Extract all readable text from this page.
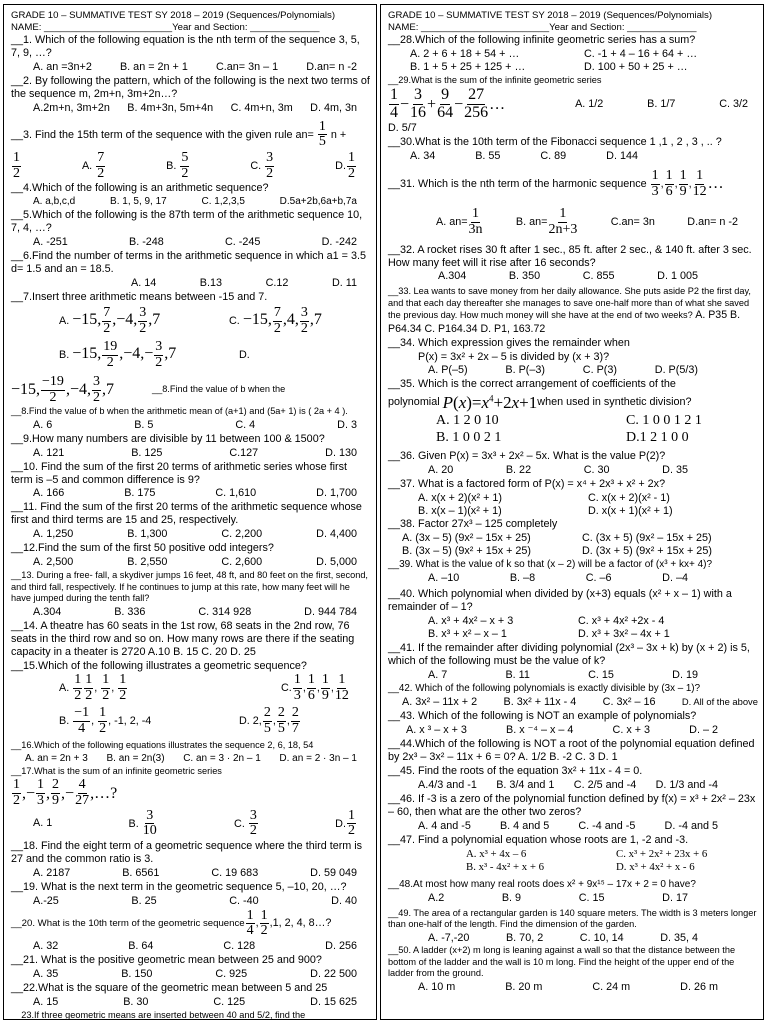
GRADE 10 – SUMMATIVE TEST SY 2018 – 2019 (Sequences/Polynomials)
NAME: ________________________Year and Section: _____________
__1. Which of the following equation is the nth term of the sequence 3, 5, 7, 9, …?
A. an =3n+2	B. an = 2n + 1	C.an= 3n – 1	D.an= n -2
__2. By following the pattern, which of the following is the next two terms of the sequence m, 2m+n, 3m+2n…?
A.2m+n, 3m+2n B. 4m+3n, 5m+4n C. 4m+n, 3m D. 4m, 3n
__3. Find the 15th term of the sequence with the given rule $an= \frac{1}{5}$ n +
$\frac{1}{2}$	A. $\frac{7}{2}$	B. $\frac{5}{2}$	C. $\frac{3}{2}$	D. $\frac{1}{2}$
__4.Which of the following is an arithmetic sequence?
A. a,b,c,d	B. 1, 5, 9, 17	C. 1,2,3,5	D.5a+2b,6a+b,7a
__5.Which of the following is the 87th term of the arithmetic sequence 10, 7, 4, …?
A. -251	B. -248	C. -245	D. -242
__6.Find the number of terms in the arithmetic sequence in which a1 = 3.5 d= 1.5 and an = 18.5.
A. 14	B.13	C.12	D. 11
__7.Insert three arithmetic means between -15 and 7.
A. −15, $\frac{7}{2} ,-4$, $\frac{3}{2} ,7$	C. −15, $\frac{7}{2} ,4$, $\frac{3}{2} ,7$
B. −15, $\frac{19}{2} ,-4,- \frac{3}{2} ,7$	D.
−15, $\frac{-19}{2} ,-4$, $\frac{3}{2} ,7$	__8.Find the value of b when the
__8.Find the value of b when the arithmetic mean of (a+1) and (5a+ 1) is ( 2a + 4 ).
A. 6	B. 5	C. 4	D. 3
__9.How many numbers are divisible by 11 between 100 & 1500?
A. 121	B. 125	C.127	D. 130
__10. Find the sum of the first 20 terms of arithmetic series whose first term is –5 and common difference is 9?
A. 166	B. 175	C. 1,610	D. 1,700
__11. Find the sum of the first 20 terms of the arithmetic sequence whose first and third terms are 15 and 25, respectively.
A. 1,250	B. 1,300	C. 2,200	D. 4,400
__12.Find the sum of the first 50 positive odd integers?
A. 2,500	B. 2,550	C. 2,600	D. 5,000
__13. During a free- fall, a skydiver jumps 16 feet, 48 ft, and 80 feet on the first, second, and third fall, respectively. If he continues to jump at this rate, how many feet will he have jumped during the tenth fall?
A.304	B. 336	C. 314 928	D. 944 784
__14. A theatre has 60 seats in the 1st row, 68 seats in the 2nd row, 76 seats in the third row and so on. How many rows are there if the seating capacity in a theater is 2720 A.10 B. 15 C. 20 D. 25
__15.Which of the following illustrates a geometric sequence?
A. $\frac{1}{2} \frac{1}{2}$ , $\frac{1}{2}$ , $\frac{1}{2}$	C. $\frac{1}{3}$ , $\frac{1}{6}$ , $\frac{1}{9}$ , $\frac{1}{12}$
B. $\frac{-1}{4}$ , $\frac{1}{2}$ , -1, 2, -4	D. 2, $\frac{2}{5}$ , $\frac{2}{5}$ , $\frac{2}{7}$
__16.Which of the following equations illustrates the sequence 2, 6, 18, 54
A. an = 2n + 3 B. an = 2n(3) C. an = 3 · 2n – 1 D. an = 2 · 3n – 1
__17.What is the sum of an infinite geometric series
$\frac{1}{2}$ ,− $\frac{1}{3}$ , $\frac{2}{9}$ ,− $\frac{4}{27}$ ,…?
A. 1	B. $\frac{3}{10}$	C. $\frac{3}{2}$	D. $\frac{1}{2}$
__18. Find the eight term of a geometric sequence where the third term is 27 and the common ratio is 3.
A. 2187	B. 6561	C. 19 683	D. 59 049
__19. What is the next term in the geometric sequence 5, –10, 20, …?
A.-25	B. 25	C. -40	D. 40
__20. What is the 10th term of the geometric sequence $\frac{1}{4}$ , $\frac{1}{2} ,1$ , 2, 4, 8…?
A. 32	B. 64	C. 128	D. 256
__21. What is the positive geometric mean between 25 and 900?
A. 35	B. 150	C. 925	D. 22 500
__22.What is the square of the geometric mean between 5 and 25
A. 15	B. 30	C. 125	D. 15 625
__23.If three geometric means are inserted between 40 and 5/2, find the
GRADE 10 – SUMMATIVE TEST SY 2018 – 2019 (Sequences/Polynomials)
NAME: ________________________Year and Section: _____________
__28.Which of the following infinite geometric series has a sum?
A. 2 + 6 + 18 + 54 + …	C. -1 + 4 – 16 + 64 + …
B. 1 + 5 + 25 + 125 + …	D. 100 + 50 + 25 + …
__29.What is the sum of the infinite geometric series
$\frac{1}{4} - \frac{3}{16} + \frac{9}{64} - \frac{27}{256}$ …	A. 1/2	B. 1/7	C. 3/2
D. 5/7
__30.What is the 10th term of the Fibonacci sequence 1 ,1 , 2 , 3 , .. ?
A. 34	B. 55	C. 89	D. 144
__31. Which is the nth term of the harmonic sequence
$\frac{1}{3}$ , $\frac{1}{6}$ , $\frac{1}{9}$ , $\frac{1}{12}$ …
A. $an= \frac{1}{3n}$	B. $an= \frac{1}{2n+3}$	C.an= 3n	D.an= n -2
__32. A rocket rises 30 ft after 1 sec., 85 ft. after 2 sec., & 140 ft. after 3 sec. How many feet will it rise after 16 seconds?
A.304	B. 350	C. 855	D. 1 005
__33. Lea wants to save money from her daily allowance. She puts aside P2 the first day, and that each day thereafter she manages to save one-half more than of what she saved the previous day. How much money will she have at the end of two weeks? A. P35 B. P64.34 C. P164.34 D. P1, 163.72
__34. Which expression gives the remainder when
P(x) = 3x² + 2x – 5 is divided by (x + 3)?
A. P(–5)	B. P(–3)	C. P(3)	D. P(5/3)
__35. Which is the correct arrangement of coefficients of the
polynomial
$P(x)=x^4+2x+1$ when used in synthetic division?
A. 1 2 0 10	C. 1 0 0 1 2 1
B. 1 0 0 2 1	D.1 2 1 0 0
__36. Given P(x) = 3x³ + 2x² – 5x. What is the value P(2)?
A. 20	B. 22	C. 30	D. 35
__37. What is a factored form of P(x) = x⁴ + 2x³ + x² + 2x?
A. x(x + 2)(x² + 1)	C. x(x + 2)(x² - 1)
B. x(x – 1)(x² + 1)	D. x(x + 1)(x² + 1)
__38. Factor 27x³ – 125 completely
A. (3x – 5) (9x² – 15x + 25)	C. (3x + 5) (9x² – 15x + 25)
B. (3x – 5) (9x² + 15x + 25)	D. (3x + 5) (9x² + 15x + 25)
__39. What is the value of k so that (x – 2) will be a factor of (x³ + kx+ 4)?
A. –10	B. –8	C. –6	D. –4
__40. Which polynomial when divided by (x+3) equals (x² + x – 1) with a remainder of – 1?
A. x³ + 4x² – x + 3	C. x³ + 4x² +2x - 4
B. x³ + x² – x – 1	D. x³ + 3x² – 4x + 1
__41. If the remainder after dividing polynomial (2x³ – 3x + k) by (x + 2) is 5, which of the following must be the value of k?
A. 7	B. 11	C. 15	D. 19
__42. Which of the following polynomials is exactly divisible by (3x – 1)?
A. 3x² – 11x + 2 B. 3x² + 11x - 4 C. 3x² – 16	D. All of the above
__43. Which of the following is NOT an example of polynomials?
A. x ³ – x + 3	B. x ⁻⁴ – x – 4	C. x + 3	D. – 2
__44.Which of the following is NOT a root of the polynomial equation defined by 2x³ – 3x² – 11x + 6 = 0? A. 1/2 B. -2 C. 3 D. 1
__45. Find the roots of the equation 3x² + 11x - 4 = 0.
A.4/3 and -1 B. 3/4 and 1 C. 2/5 and -4 D. 1/3 and -4
__46. If -3 is a zero of the polynomial function defined by f(x) = x³ + 2x² – 23x – 60, then what are the other two zeros?
A. 4 and -5	B. 4 and 5	C. -4 and -5	D. -4 and 5
__47. Find a polynomial equation whose roots are 1, -2 and -3.
A. x³ + 4x – 6	C. x³ + 2x² + 23x + 6
B. x³ - 4x² + x + 6	D. x³ + 4x² + x - 6
__48.At most how many real roots does x² + 9x¹⁵ – 17x + 2 = 0 have?
A.2	B. 9	C. 15	D. 17
__49. The area of a rectangular garden is 140 square meters. The width is 3 meters longer than one-half of the length. Find the dimension of the garden.
A. -7,-20	B. 70, 2	C. 10, 14	D. 35, 4
__50. A ladder (x+2) m long is leaning against a wall so that the distance between the bottom of the ladder and the wall is 10 m long. Find the height of the upper end of the ladder from the ground.
A. 10 m	B. 20 m	C. 24 m	D. 26 m
